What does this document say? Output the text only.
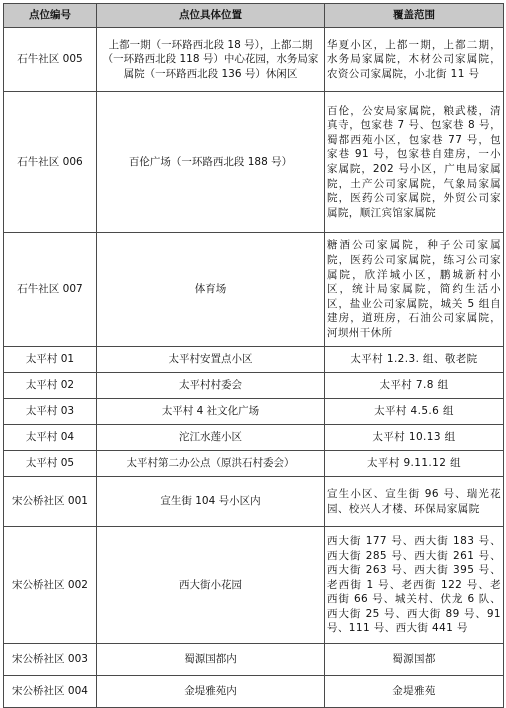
点位编号	点位具体位置	覆盖范围
石牛社区 005	上都一期（一环路西北段 18 号），上都二期（一环路西北段 118 号）中心花园，水务局家属院（一环路西北段 136 号）休闲区	华夏小区，上都一期，上都二期，水务局家属院，木材公司家属院，农资公司家属院，小北街 11 号
石牛社区 006	百伦广场（一环路西北段 188 号）	百伦，公安局家属院，粮武楼，清真寺，包家巷 7 号、包家巷 8 号，蜀都西苑小区，包家巷 77 号，包家巷 91 号，包家巷自建房，一小家属院，202 号小区，广电局家属院，土产公司家属院，气象局家属院，医药公司家属院，外贸公司家属院，顺江宾馆家属院
石牛社区 007	体育场	糖酒公司家属院，种子公司家属院，医药公司家属院，练习公司家属院，欣洋城小区，鹏城新村小区，统计局家属院，简约生活小区，盐业公司家属院，城关 5 组自建房，道班房，石油公司家属院，河坝州干休所
太平村 01	太平村安置点小区	太平村 1.2.3. 组、敬老院
太平村 02	太平村村委会	太平村 7.8 组
太平村 03	太平村 4 社文化广场	太平村 4.5.6 组
太平村 04	沱江水莲小区	太平村 10.13 组
太平村 05	太平村第二办公点（原洪石村委会）	太平村 9.11.12 组
宋公桥社区 001	宣生街 104 号小区内	宣生小区、宣生街 96 号、瑞光花园、校兴人才楼、环保局家属院
宋公桥社区 002	西大街小花园	西大街 177 号、西大街 183 号、西大街 285 号、西大街 261 号、西大街 263 号、西大街 395 号、老西街 1 号、老西街 122 号、老西街 66 号、城关村、伏龙 6 队、西大街 25 号、西大街 89 号、91 号、111 号、西大街 441 号
宋公桥社区 003	蜀源国都内	蜀源国都
宋公桥社区 004	金堤雅苑内	金堤雅苑
